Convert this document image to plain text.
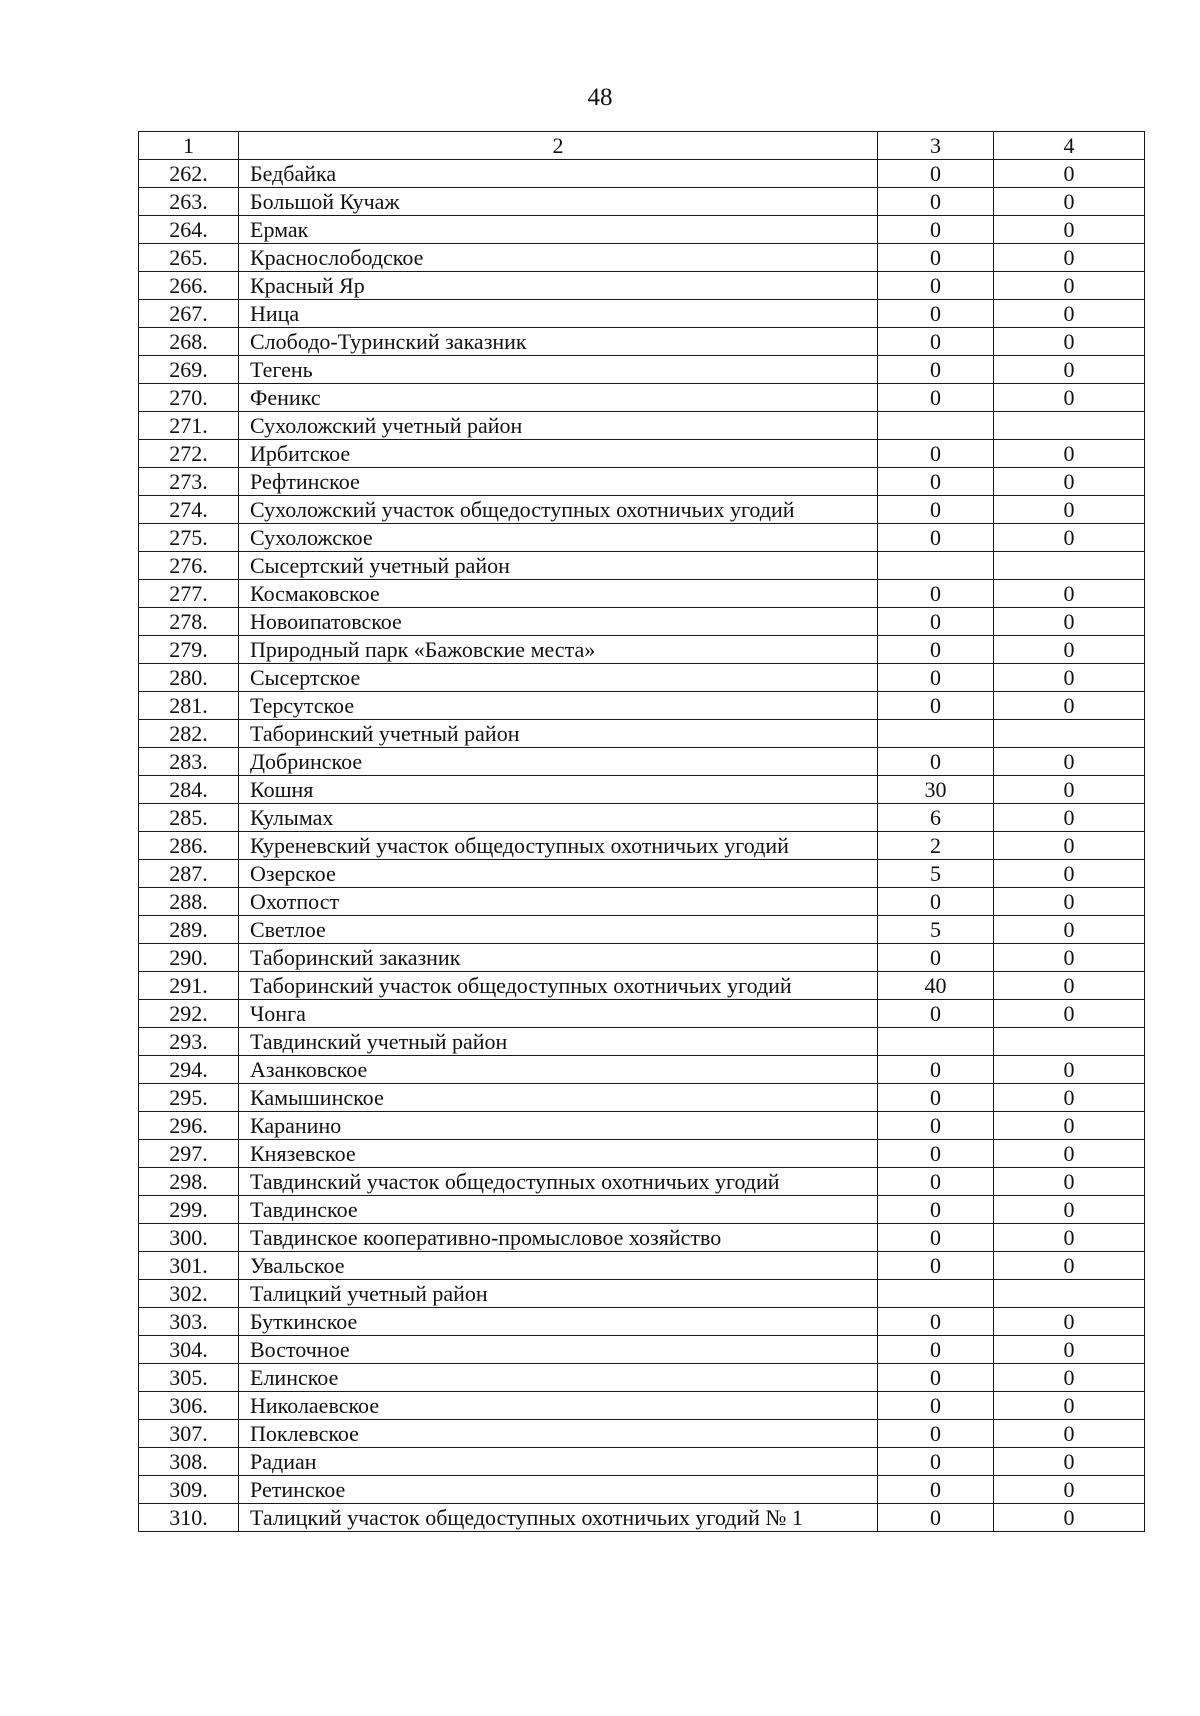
48
1	2	3	4
262.	Бедбайка	0	0
263.	Большой Кучаж	0	0
264.	Ермак	0	0
265.	Краснослободское	0	0
266.	Красный Яр	0	0
267.	Ница	0	0
268.	Слободо-Туринский заказник	0	0
269.	Тегень	0	0
270.	Феникс	0	0
271.	Сухоложский учетный район		
272.	Ирбитское	0	0
273.	Рефтинское	0	0
274.	Сухоложский участок общедоступных охотничьих угодий	0	0
275.	Сухоложское	0	0
276.	Сысертский учетный район		
277.	Космаковское	0	0
278.	Новоипатовское	0	0
279.	Природный парк «Бажовские места»	0	0
280.	Сысертское	0	0
281.	Терсутское	0	0
282.	Таборинский учетный район		
283.	Добринское	0	0
284.	Кошня	30	0
285.	Кулымах	6	0
286.	Куреневский участок общедоступных охотничьих угодий	2	0
287.	Озерское	5	0
288.	Охотпост	0	0
289.	Светлое	5	0
290.	Таборинский заказник	0	0
291.	Таборинский участок общедоступных охотничьих угодий	40	0
292.	Чонга	0	0
293.	Тавдинский учетный район		
294.	Азанковское	0	0
295.	Камышинское	0	0
296.	Каранино	0	0
297.	Князевское	0	0
298.	Тавдинский участок общедоступных охотничьих угодий	0	0
299.	Тавдинское	0	0
300.	Тавдинское кооперативно-промысловое хозяйство	0	0
301.	Увальское	0	0
302.	Талицкий учетный район		
303.	Буткинское	0	0
304.	Восточное	0	0
305.	Елинское	0	0
306.	Николаевское	0	0
307.	Поклевское	0	0
308.	Радиан	0	0
309.	Ретинское	0	0
310.	Талицкий участок общедоступных охотничьих угодий № 1	0	0
